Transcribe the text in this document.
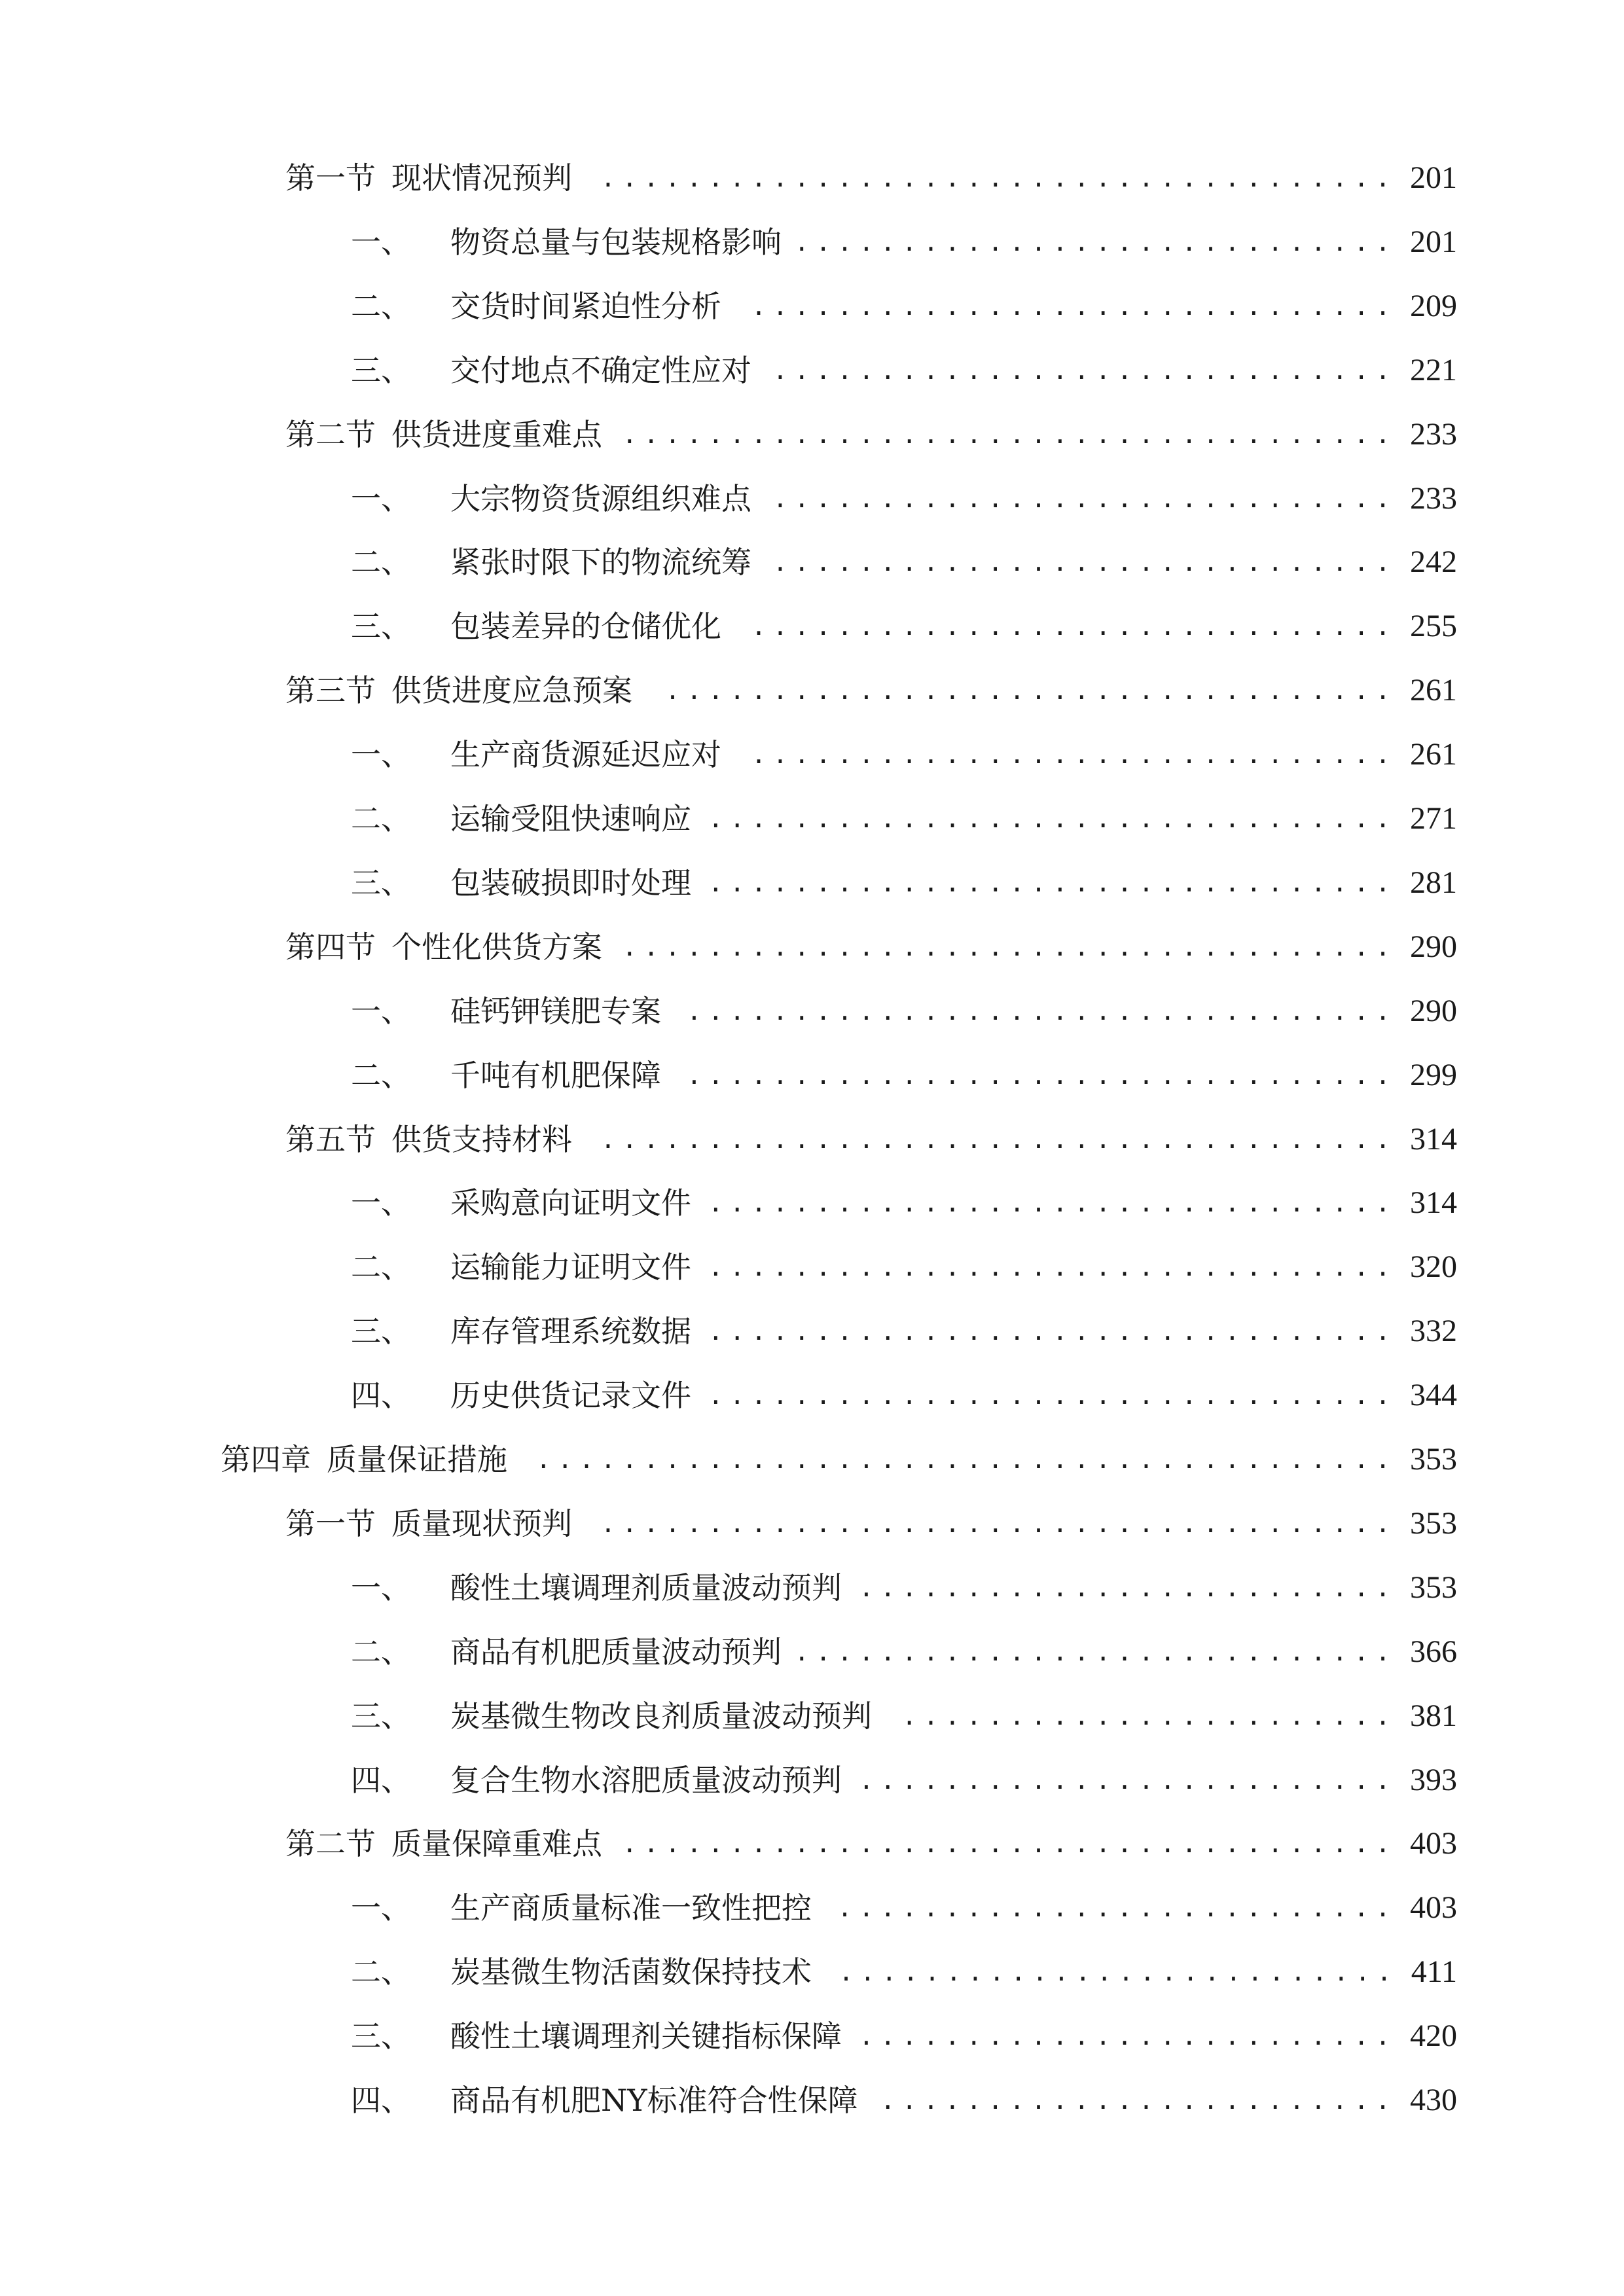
第一节 现状情况预判	..................................... 201
一、 物资总量与包装规格影响 ............................ 201
二、 交货时间紧迫性分析	.............................. 209
三、 交付地点不确定性应对 ............................. 221
第二节 供货进度重难点 .................................... 233
一、 大宗物资货源组织难点 ............................. 233
二、 紧张时限下的物流统筹 ............................. 242
三、 包装差异的仓储优化	.............................. 255
第三节 供货进度应急预案	.................................. 261
一、 生产商货源延迟应对	.............................. 261
二、 运输受阻快速响应 ................................ 271
三、 包装破损即时处理 ................................ 281
第四节 个性化供货方案 .................................... 290
一、 硅钙钾镁肥专案	................................. 290
二、 千吨有机肥保障	................................. 299
第五节 供货支持材料	..................................... 314
一、 采购意向证明文件 ................................ 314
二、 运输能力证明文件 ................................ 320
三、 库存管理系统数据 ................................ 332
四、 历史供货记录文件 ................................ 344
第四章 质量保证措施	........................................ 353
第一节 质量现状预判	..................................... 353
一、 酸性土壤调理剂质量波动预判 ......................... 353
二、 商品有机肥质量波动预判 ............................ 366
三、 炭基微生物改良剂质量波动预判	....................... 381
四、 复合生物水溶肥质量波动预判 ......................... 393
第二节 质量保障重难点 .................................... 403
一、 生产商质量标准一致性把控	.......................... 403
二、 炭基微生物活菌数保持技术	.......................... 411
三、 酸性土壤调理剂关键指标保障 ......................... 420
四、 商品有机肥NY标准符合性保障 ........................ 430
